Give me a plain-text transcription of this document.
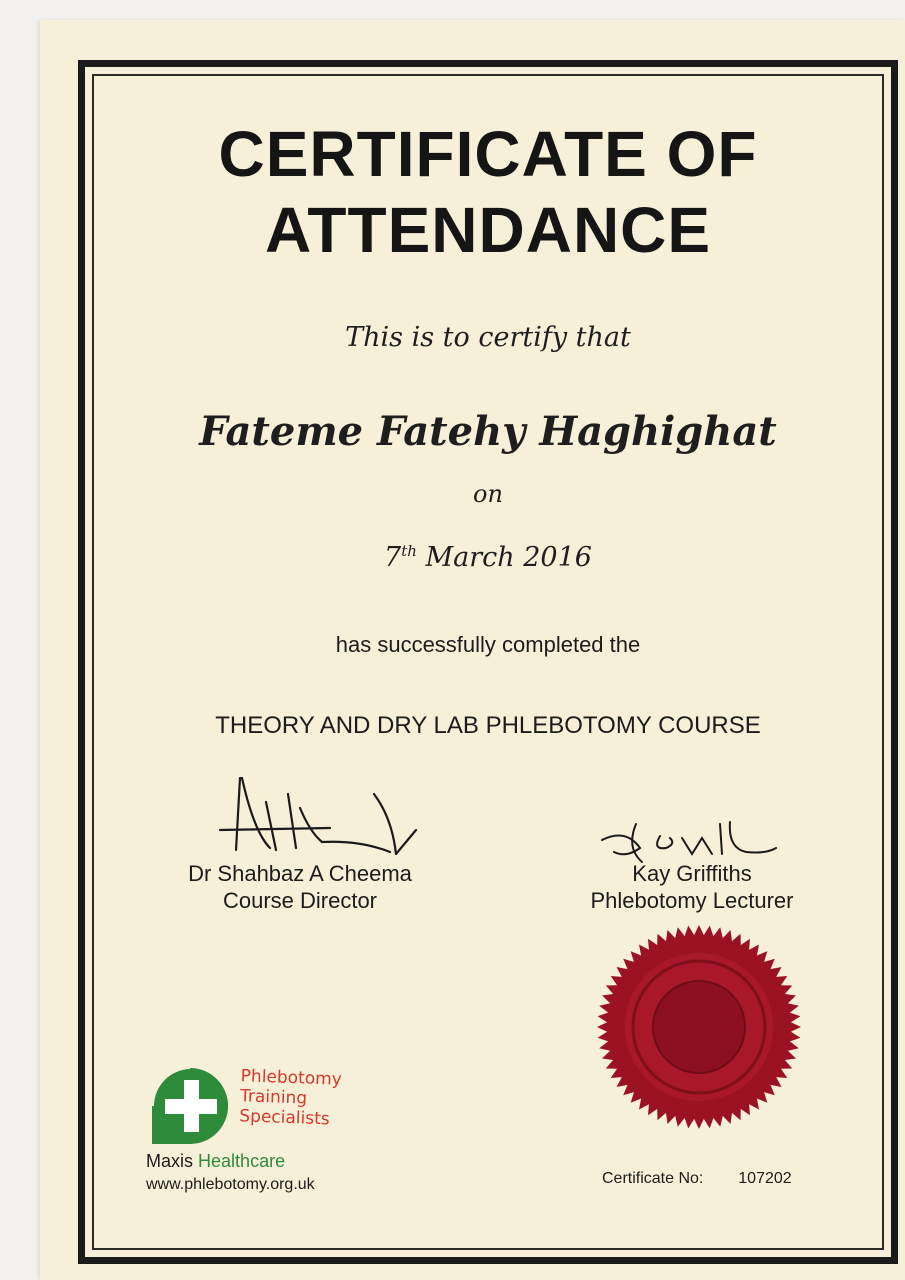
CERTIFICATE OF
ATTENDANCE
This is to certify that
Fateme Fatehy Haghighat
on
7th March 2016
has successfully completed the
THEORY AND DRY LAB PHLEBOTOMY COURSE
Dr Shahbaz A Cheema
Course Director
Kay Griffiths
Phlebotomy Lecturer
Phlebotomy
Training
Specialists
Maxis Healthcare
www.phlebotomy.org.uk	Certificate No: 107202
